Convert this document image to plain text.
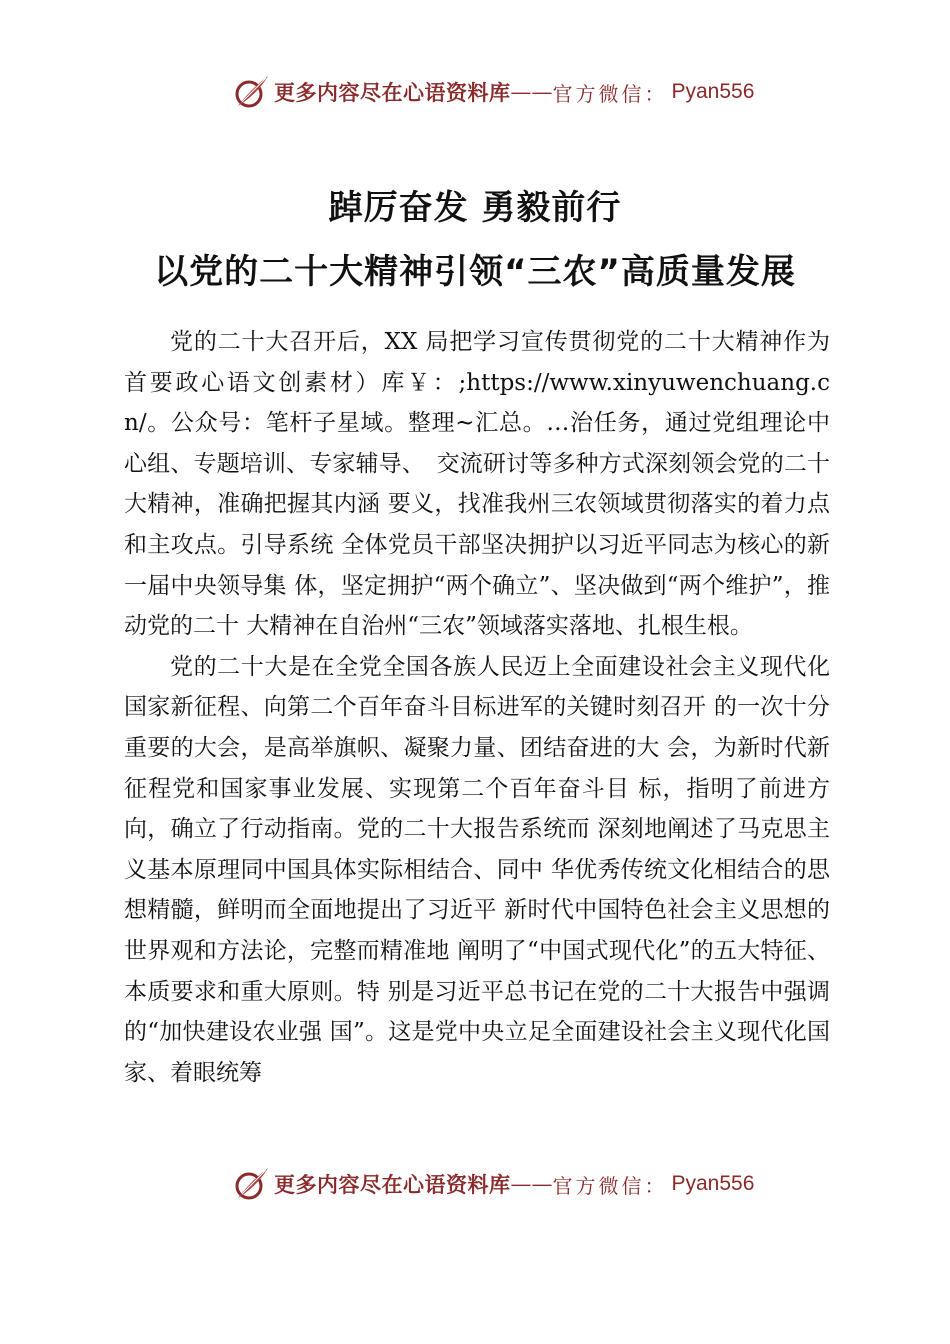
更多内容尽在心语资料库 —— 官方微信： Pyan556
踔厉奋发 勇毅前行
以党的二十大精神引领“三农”高质量发展

党的二十大召开后，XX 局把学习宣传贯彻党的二十大精神作为首要政心语文创素材）库￥：;https://www.xinyuwenchuang.cn/。公众号：笔杆子星域。整理~汇总。…治任务，通过党组理论中心组、专题培训、专家辅导、　交流研讨等多种方式深刻领会党的二十大精神，准确把握其内涵 要义，找准我州三农领域贯彻落实的着力点和主攻点。引导系统 全体党员干部坚决拥护以习近平同志为核心的新一届中央领导集 体，坚定拥护“两个确立”、坚决做到“两个维护”，推动党的二十 大精神在自治州“三农”领域落实落地、扎根生根。

党的二十大是在全党全国各族人民迈上全面建设社会主义现代化国家新征程、向第二个百年奋斗目标进军的关键时刻召开 的一次十分重要的大会，是高举旗帜、凝聚力量、团结奋进的大 会，为新时代新征程党和国家事业发展、实现第二个百年奋斗目 标，指明了前进方向，确立了行动指南。党的二十大报告系统而 深刻地阐述了马克思主义基本原理同中国具体实际相结合、同中 华优秀传统文化相结合的思想精髓，鲜明而全面地提出了习近平 新时代中国特色社会主义思想的世界观和方法论，完整而精准地 阐明了“中国式现代化”的五大特征、本质要求和重大原则。特 别是习近平总书记在党的二十大报告中强调的“加快建设农业强 国”。这是党中央立足全面建设社会主义现代化国家、着眼统筹

更多内容尽在心语资料库 —— 官方微信： Pyan556
